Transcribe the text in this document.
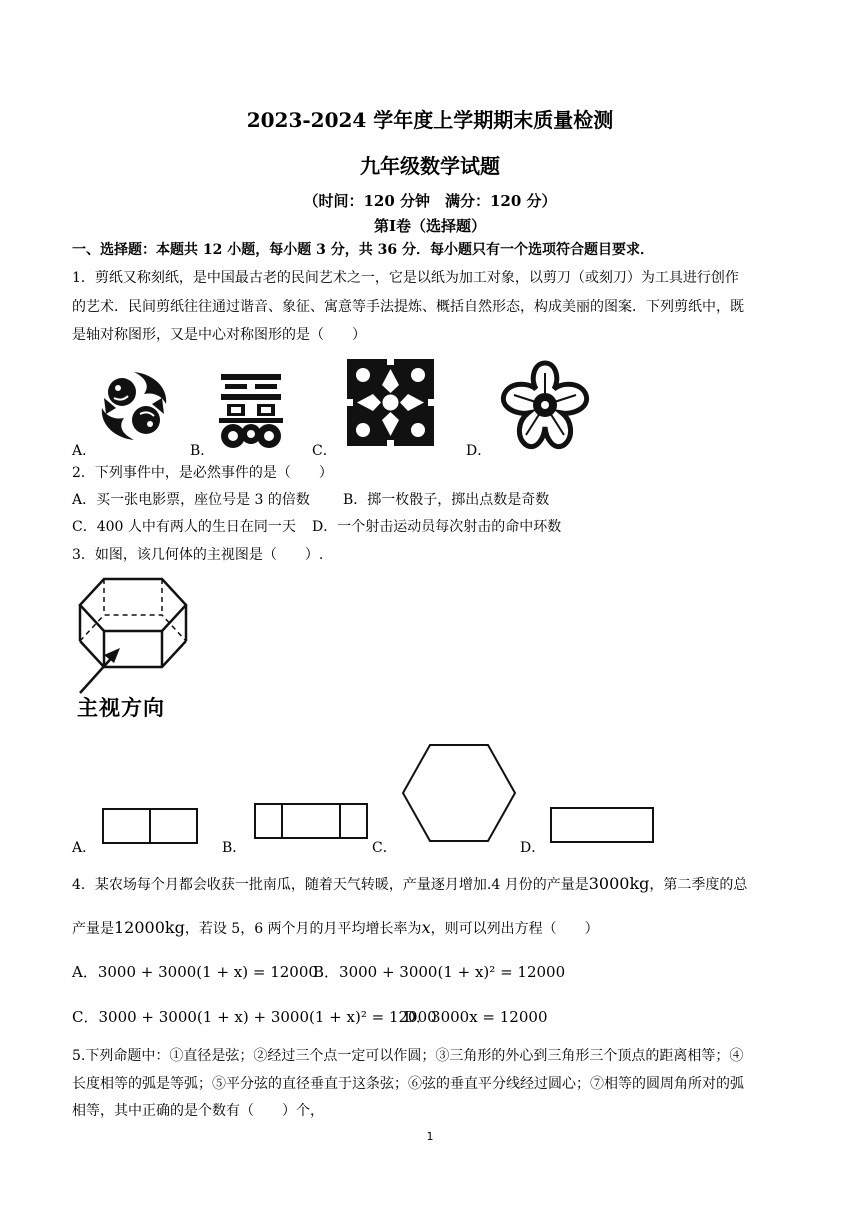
2023-2024 学年度上学期期末质量检测
九年级数学试题
（时间：120 分钟　满分：120 分）
第Ⅰ卷（选择题）
一、选择题：本题共 12 小题，每小题 3 分，共 36 分．每小题只有一个选项符合题目要求．
1．剪纸又称刻纸，是中国最古老的民间艺术之一，它是以纸为加工对象，以剪刀（或刻刀）为工具进行创作
的艺术．民间剪纸往往通过谐音、象征、寓意等手法提炼、概括自然形态，构成美丽的图案．下列剪纸中，既
是轴对称图形，又是中心对称图形的是（　　）
A．	B．	C．	D．
2．下列事件中，是必然事件的是（　　）
A．买一张电影票，座位号是 3 的倍数 B．掷一枚骰子，掷出点数是奇数
C．400 人中有两人的生日在同一天 D．一个射击运动员每次射击的命中环数
3．如图，该几何体的主视图是（　　）.
主视方向
A．	B．	C．	D．
4．某农场每个月都会收获一批南瓜，随着天气转暖，产量逐月增加.4 月份的产量是3000kg，第二季度的总
产量是12000kg，若设 5，6 两个月的月平均增长率为x，则可以列出方程（　　）
A．3000 + 3000(1 + x) = 12000
B．3000 + 3000(1 + x)² = 12000
C．3000 + 3000(1 + x) + 3000(1 + x)² = 12000
D．3000x = 12000
5.下列命题中：①直径是弦；②经过三个点一定可以作圆；③三角形的外心到三角形三个顶点的距离相等；④
长度相等的弧是等弧；⑤平分弦的直径垂直于这条弦；⑥弦的垂直平分线经过圆心；⑦相等的圆周角所对的弧
相等，其中正确的是个数有（　　）个，
1
